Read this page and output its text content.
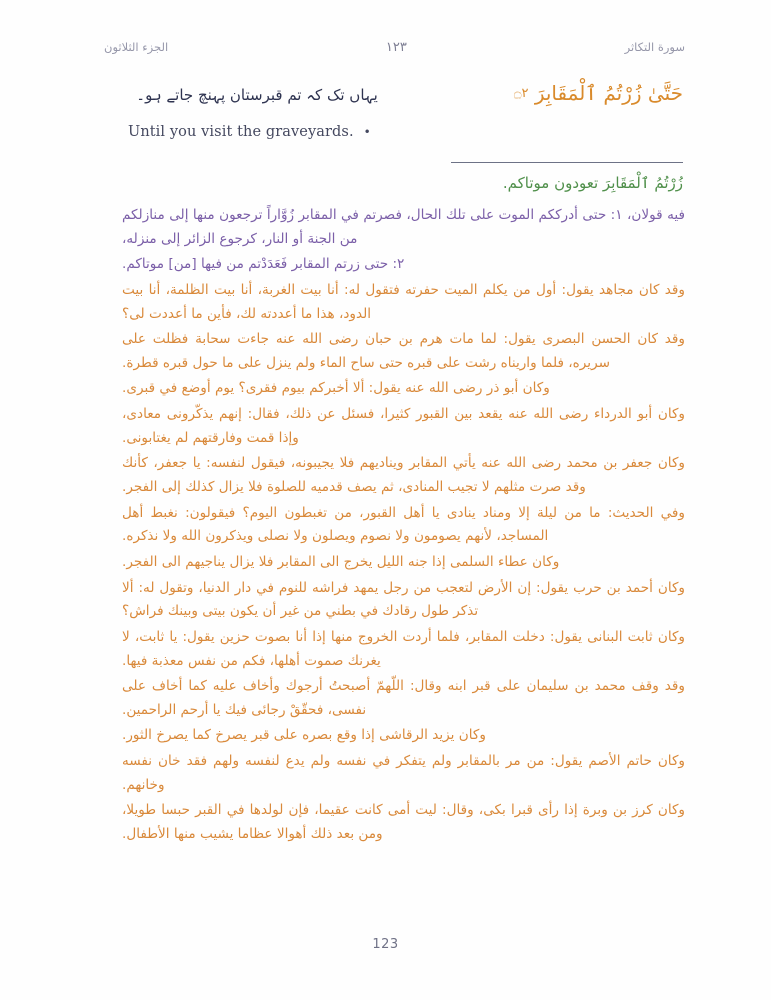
سورة التكاثر
١٢٣
الجزء الثلاثون
حَتَّىٰ زُرْتُمُ ٱلْمَقَابِرَ ۝٢
یہاں تک کہ تم قبرستان پہنچ جاتے ہو۔
Until you visit the graveyards. •
زُرْتُمُ ٱلْمَقَابِرَ تعودون موتاكم.

فيه قولان، ١: حتى أدرككم الموت على تلك الحال، فصرتم في المقابر زُوَّاراً ترجعون منها إلى منازلكم من الجنة أو النار، كرجوع الزائر إلى منزله،

٢: حتى زرتم المقابر فَعَدَدْتم من فيها [من] موتاكم.

وقد كان مجاهد يقول: أول من يكلم الميت حفرته فتقول له: أنا بيت الغربة، أنا بيت الظلمة، أنا بيت الدود، هذا ما أعددته لك، فأين ما أعددت لى؟

وقد كان الحسن البصرى يقول: لما مات هرم بن حبان رضى الله عنه جاءت سحابة فظلت على سريره، فلما واريناه رشت على قبره حتى ساح الماء ولم ينزل على ما حول قبره قطرة.

وكان أبو ذر رضى الله عنه يقول: ألا أخبركم بيوم فقرى؟ يوم أوضع في قبرى.

وكان أبو الدرداء رضى الله عنه يقعد بين القبور كثيرا، فسئل عن ذلك، فقال: إنهم يذكّرونى معادى، وإذا قمت وفارقتهم لم يغتابونى.

وكان جعفر بن محمد رضى الله عنه يأتي المقابر ويناديهم فلا يجيبونه، فيقول لنفسه: يا جعفر، كأنك وقد صرت مثلهم لا تجيب المنادى، ثم يصف قدميه للصلوة فلا يزال كذلك إلى الفجر.

وفي الحديث: ما من ليلة إلا ومناد ينادى يا أهل القبور، من تغبطون اليوم؟ فيقولون: نغبط أهل المساجد، لأنهم يصومون ولا نصوم ويصلون ولا نصلى ويذكرون الله ولا نذكره.

وكان عطاء السلمى إذا جنه الليل يخرج الى المقابر فلا يزال يناجيهم الى الفجر.

وكان أحمد بن حرب يقول: إن الأرض لتعجب من رجل يمهد فراشه للنوم في دار الدنيا، وتقول له: ألا تذكر طول رقادك في بطني من غير أن يكون بيتى وبينك فراش؟

وكان ثابت البنانى يقول: دخلت المقابر، فلما أردت الخروج منها إذا أنا بصوت حزين يقول: يا ثابت، لا يغرنك صموت أهلها، فكم من نفس معذبة فيها.

وقد وقف محمد بن سليمان على قبر ابنه وقال: اللّهمّ أصبحتُ أرجوك وأخاف عليه كما أخاف على نفسى، فحقّقْ رجائى فيك يا أرحم الراحمين.

وكان يزيد الرقاشى إذا وقع بصره على قبر يصرخ كما يصرخ الثور.

وكان حاتم الأصم يقول: من مر بالمقابر ولم يتفكر في نفسه ولم يدع لنفسه ولهم فقد خان نفسه وخانهم.

وكان كرز بن وبرة إذا رأى قبرا بكى، وقال: ليت أمى كانت عقيما، فإن لولدها في القبر حبسا طويلا، ومن بعد ذلك أهوالا عظاما يشيب منها الأطفال.

123
